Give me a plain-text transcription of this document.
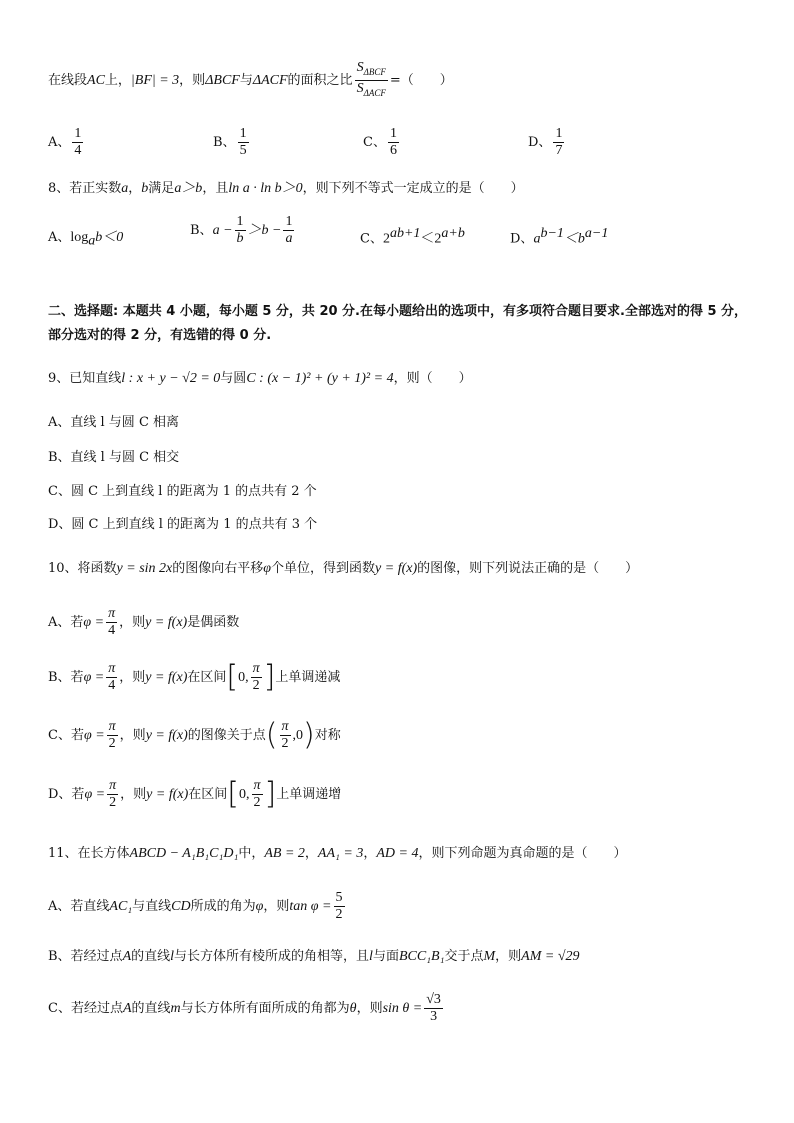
在线段AC上，|BF| = 3，则ΔBCF与ΔACF的面积之比 $\frac{S_{\Delta BCF}}{S_{\Delta ACF}}$ =（　　）
A、 $\frac{1}{4}$	B、 $\frac{1}{5}$	C、 $\frac{1}{6}$	D、 $\frac{1}{7}$
8、若正实数a，b满足a＞b，且ln a · ln b＞0，则下列不等式一定成立的是（　　）
A、$\log_ab<0$	B、$a - \frac{1}{b} >b - \frac{1}{a}$	C、$2^{ab+1}<2^{a+b}$	D、$a^{b-1}<b^{a-1}$
二、选择题: 本题共 4 小题，每小题 5 分，共 20 分.在每小题给出的选项中，有多项符合题目要求.全部选对的得 5 分，部分选对的得 2 分，有选错的得 0 分.
9、已知直线l : x + y − √2 = 0与圆C : (x − 1)² + (y + 1)² = 4，则（　　）
A、直线 l 与圆 C 相离
B、直线 l 与圆 C 相交
C、圆 C 上到直线 l 的距离为 1 的点共有 2 个
D、圆 C 上到直线 l 的距离为 1 的点共有 3 个
10、将函数y = sin 2x的图像向右平移φ个单位，得到函数y = f(x)的图像，则下列说法正确的是（　　）
A、若$\varphi = \frac{\pi}{4}$ ，则y = f(x)是偶函数
B、若$\varphi = \frac{\pi}{4}$ ，则y = f(x)在区间[0, $\frac{\pi}{2}$ ]上单调递减
C、若$\varphi = \frac{\pi}{2}$ ，则y = f(x)的图像关于点( $\frac{\pi}{2} ,0$)对称
D、若$\varphi = \frac{\pi}{2}$ ，则y = f(x)在区间[0, $\frac{\pi}{2}$ ]上单调递增
11、在长方体ABCD − A₁B₁C₁D₁中，AB = 2，AA₁ = 3，AD = 4，则下列命题为真命题的是（　　）
A、若直线AC₁与直线CD所成的角为φ，则$\tan \varphi = \frac{5}{2}$
B、若经过点A的直线l与长方体所有棱所成的角相等，且l与面BCC₁B₁交于点M，则AM = √29
C、若经过点A的直线m与长方体所有面所成的角都为θ，则$\sin \theta = \frac{√3}{3}$
